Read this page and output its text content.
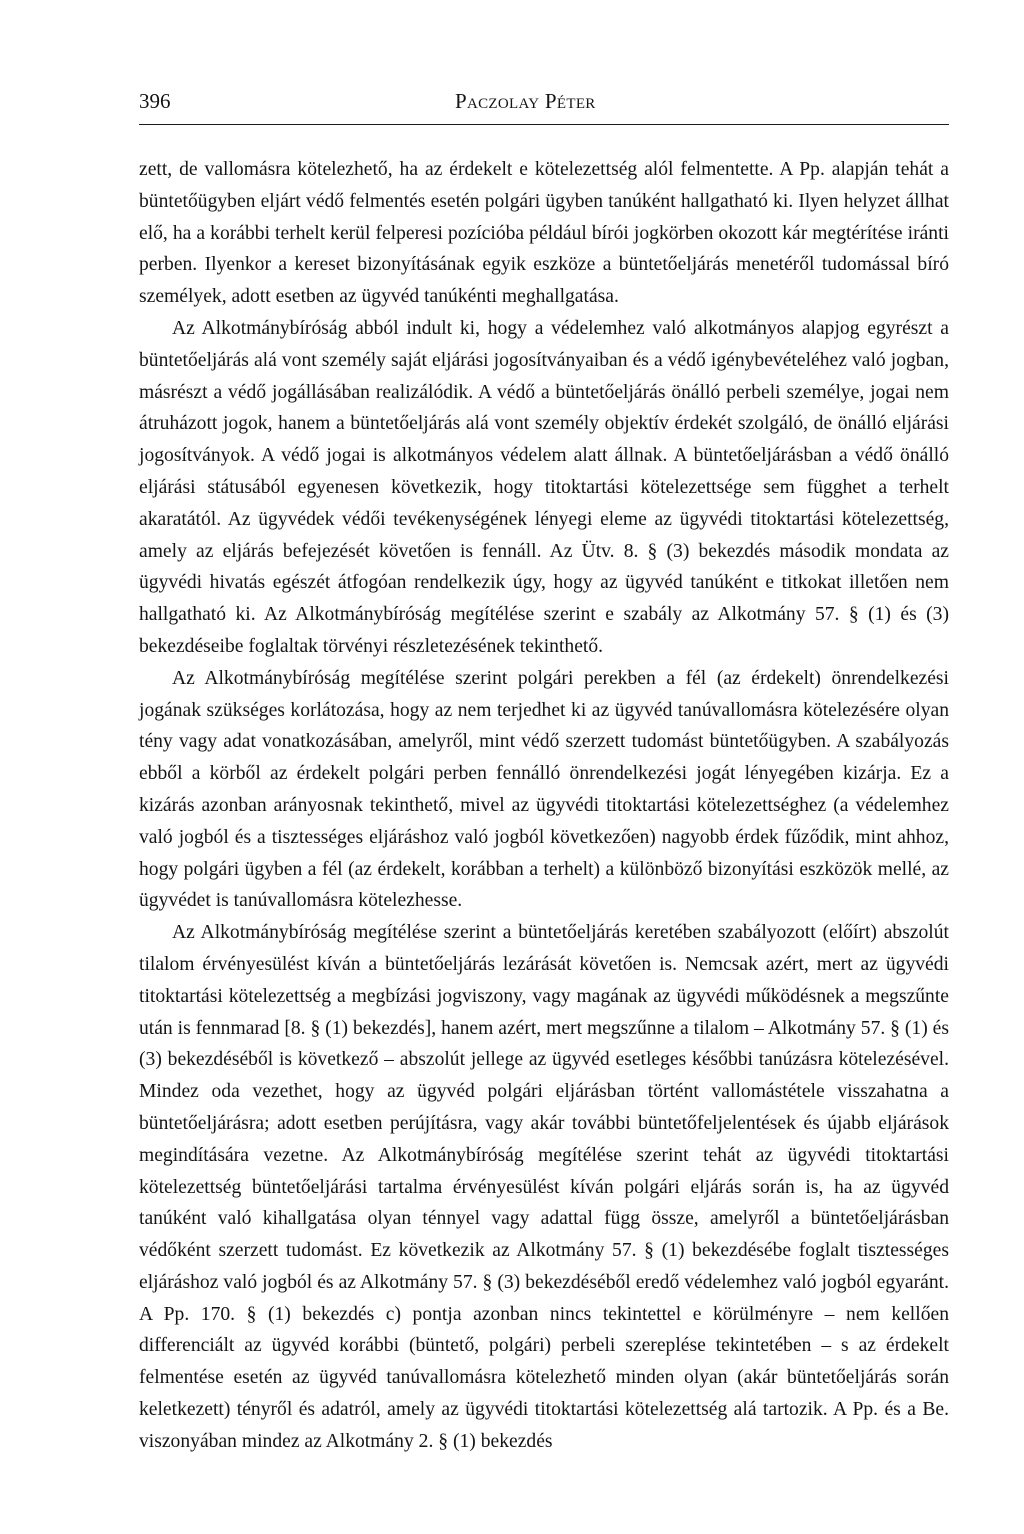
396	Paczolay Péter

zett, de vallomásra kötelezhető, ha az érdekelt e kötelezettség alól felmentette. A Pp. alapján tehát a büntetőügyben eljárt védő felmentés esetén polgári ügyben tanúként hallgatható ki. Ilyen helyzet állhat elő, ha a korábbi terhelt kerül felperesi pozícióba például bírói jogkörben okozott kár megtérítése iránti perben. Ilyenkor a kereset bizonyításának egyik eszköze a büntetőeljárás menetéről tudomással bíró személyek, adott esetben az ügyvéd tanúkénti meghallgatása.

Az Alkotmánybíróság abból indult ki, hogy a védelemhez való alkotmányos alapjog egyrészt a büntetőeljárás alá vont személy saját eljárási jogosítványaiban és a védő igénybevételéhez való jogban, másrészt a védő jogállásában realizálódik. A védő a büntetőeljárás önálló perbeli személye, jogai nem átruházott jogok, hanem a büntetőeljárás alá vont személy objektív érdekét szolgáló, de önálló eljárási jogosítványok. A védő jogai is alkotmányos védelem alatt állnak. A büntetőeljárásban a védő önálló eljárási státusából egyenesen következik, hogy titoktartási kötelezettsége sem függhet a terhelt akaratától. Az ügyvédek védői tevékenységének lényegi eleme az ügyvédi titoktartási kötelezettség, amely az eljárás befejezését követően is fennáll. Az Ütv. 8. § (3) bekezdés második mondata az ügyvédi hivatás egészét átfogóan rendelkezik úgy, hogy az ügyvéd tanúként e titkokat illetően nem hallgatható ki. Az Alkotmánybíróság megítélése szerint e szabály az Alkotmány 57. § (1) és (3) bekezdéseibe foglaltak törvényi részletezésének tekinthető.

Az Alkotmánybíróság megítélése szerint polgári perekben a fél (az érdekelt) önrendelkezési jogának szükséges korlátozása, hogy az nem terjedhet ki az ügyvéd tanúvallomásra kötelezésére olyan tény vagy adat vonatkozásában, amelyről, mint védő szerzett tudomást büntetőügyben. A szabályozás ebből a körből az érdekelt polgári perben fennálló önrendelkezési jogát lényegében kizárja. Ez a kizárás azonban arányosnak tekinthető, mivel az ügyvédi titoktartási kötelezettséghez (a védelemhez való jogból és a tisztességes eljáráshoz való jogból következően) nagyobb érdek fűződik, mint ahhoz, hogy polgári ügyben a fél (az érdekelt, korábban a terhelt) a különböző bizonyítási eszközök mellé, az ügyvédet is tanúvallomásra kötelezhesse.

Az Alkotmánybíróság megítélése szerint a büntetőeljárás keretében szabályozott (előírt) abszolút tilalom érvényesülést kíván a büntetőeljárás lezárását követően is. Nemcsak azért, mert az ügyvédi titoktartási kötelezettség a megbízási jogviszony, vagy magának az ügyvédi működésnek a megszűnte után is fennmarad [8. § (1) bekezdés], hanem azért, mert megszűnne a tilalom – Alkotmány 57. § (1) és (3) bekezdéséből is következő – abszolút jellege az ügyvéd esetleges későbbi tanúzásra kötelezésével. Mindez oda vezethet, hogy az ügyvéd polgári eljárásban történt vallomástétele visszahatna a büntetőeljárásra; adott esetben perújításra, vagy akár további büntetőfeljelentések és újabb eljárások megindítására vezetne. Az Alkotmánybíróság megítélése szerint tehát az ügyvédi titoktartási kötelezettség büntetőeljárási tartalma érvényesülést kíván polgári eljárás során is, ha az ügyvéd tanúként való kihallgatása olyan ténnyel vagy adattal függ össze, amelyről a büntetőeljárásban védőként szerzett tudomást. Ez következik az Alkotmány 57. § (1) bekezdésébe foglalt tisztességes eljáráshoz való jogból és az Alkotmány 57. § (3) bekezdéséből eredő védelemhez való jogból egyaránt. A Pp. 170. § (1) bekezdés c) pontja azonban nincs tekintettel e körülményre – nem kellően differenciált az ügyvéd korábbi (büntető, polgári) perbeli szereplése tekintetében – s az érdekelt felmentése esetén az ügyvéd tanúvallomásra kötelezhető minden olyan (akár büntetőeljárás során keletkezett) tényről és adatról, amely az ügyvédi titoktartási kötelezettség alá tartozik. A Pp. és a Be. viszonyában mindez az Alkotmány 2. § (1) bekezdés
